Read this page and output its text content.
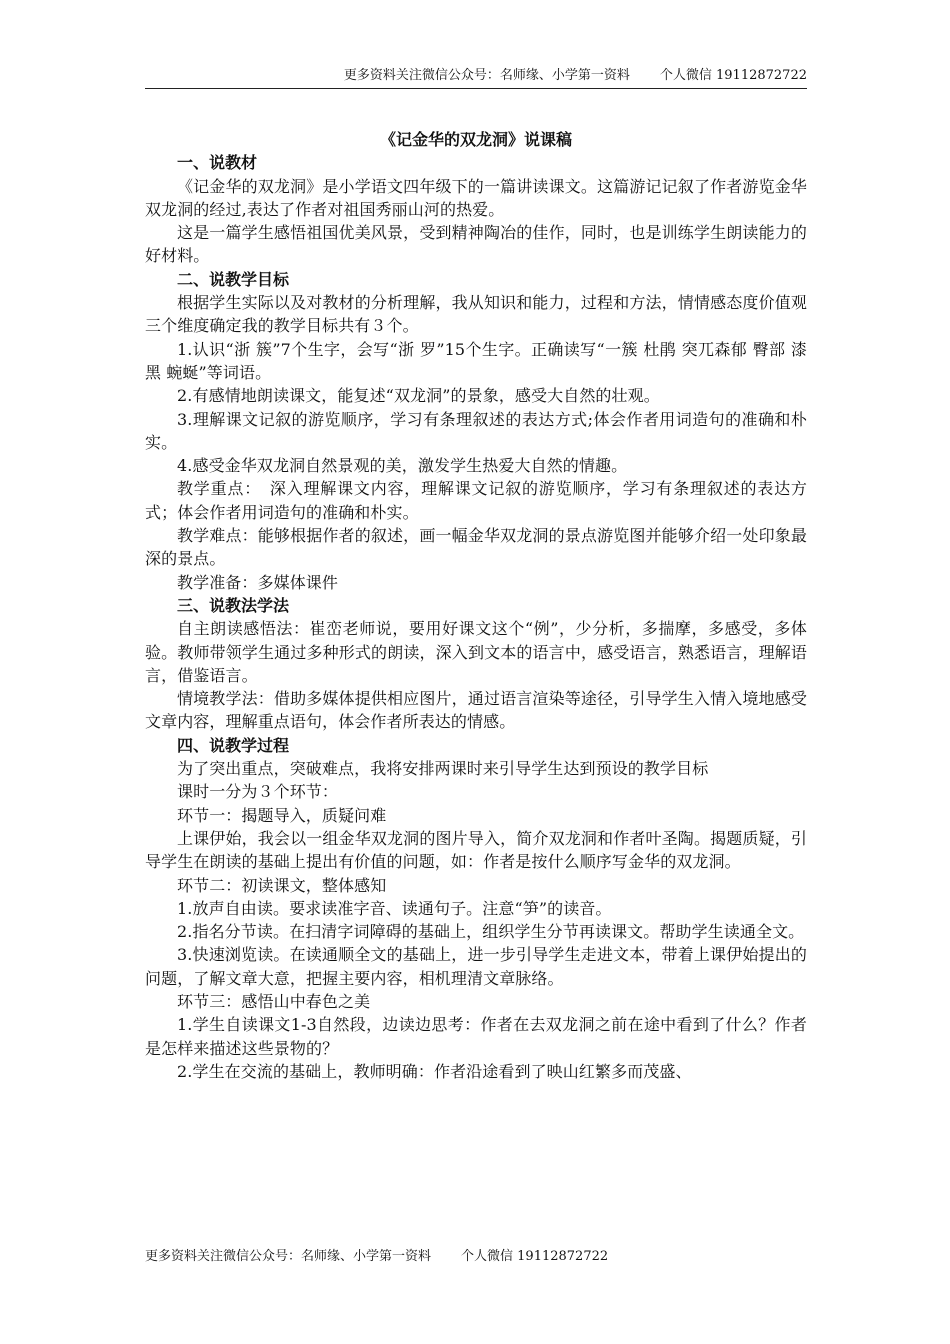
更多资料关注微信公众号：名师缘、小学第一资料 个人微信 19112872722

《记金华的双龙洞》说课稿

一、说教材

《记金华的双龙洞》是小学语文四年级下的一篇讲读课文。这篇游记记叙了作者游览金华双龙洞的经过,表达了作者对祖国秀丽山河的热爱。

这是一篇学生感悟祖国优美风景，受到精神陶冶的佳作，同时，也是训练学生朗读能力的好材料。

二、说教学目标

根据学生实际以及对教材的分析理解，我从知识和能力，过程和方法，情情感态度价值观三个维度确定我的教学目标共有３个。

1.认识“浙 簇”7个生字，会写“浙 罗”15个生字。正确读写“一簇 杜鹃 突兀森郁 臀部 漆黑 蜿蜒”等词语。

2.有感情地朗读课文，能复述“双龙洞”的景象，感受大自然的壮观。

3.理解课文记叙的游览顺序，学习有条理叙述的表达方式;体会作者用词造句的准确和朴实。

4.感受金华双龙洞自然景观的美，激发学生热爱大自然的情趣。

教学重点：　深入理解课文内容，理解课文记叙的游览顺序，学习有条理叙述的表达方式；体会作者用词造句的准确和朴实。

教学难点：能够根据作者的叙述，画一幅金华双龙洞的景点游览图并能够介绍一处印象最深的景点。

教学准备：多媒体课件

三、说教法学法

自主朗读感悟法：崔峦老师说，要用好课文这个“例”，少分析，多揣摩，多感受，多体验。教师带领学生通过多种形式的朗读，深入到文本的语言中，感受语言，熟悉语言，理解语言，借鉴语言。

情境教学法：借助多媒体提供相应图片，通过语言渲染等途径，引导学生入情入境地感受文章内容，理解重点语句，体会作者所表达的情感。

四、说教学过程

为了突出重点，突破难点，我将安排两课时来引导学生达到预设的教学目标

课时一分为３个环节：

环节一：揭题导入，质疑问难

上课伊始，我会以一组金华双龙洞的图片导入，简介双龙洞和作者叶圣陶。揭题质疑，引导学生在朗读的基础上提出有价值的问题，如：作者是按什么顺序写金华的双龙洞。

环节二：初读课文，整体感知

1.放声自由读。要求读准字音、读通句子。注意“笋”的读音。

2.指名分节读。在扫清字词障碍的基础上，组织学生分节再读课文。帮助学生读通全文。

3.快速浏览读。在读通顺全文的基础上，进一步引导学生走进文本，带着上课伊始提出的问题，了解文章大意，把握主要内容，相机理清文章脉络。

环节三：感悟山中春色之美

1.学生自读课文1-3自然段，边读边思考：作者在去双龙洞之前在途中看到了什么？作者是怎样来描述这些景物的？

2.学生在交流的基础上，教师明确：作者沿途看到了映山红繁多而茂盛、

更多资料关注微信公众号：名师缘、小学第一资料 个人微信 19112872722
